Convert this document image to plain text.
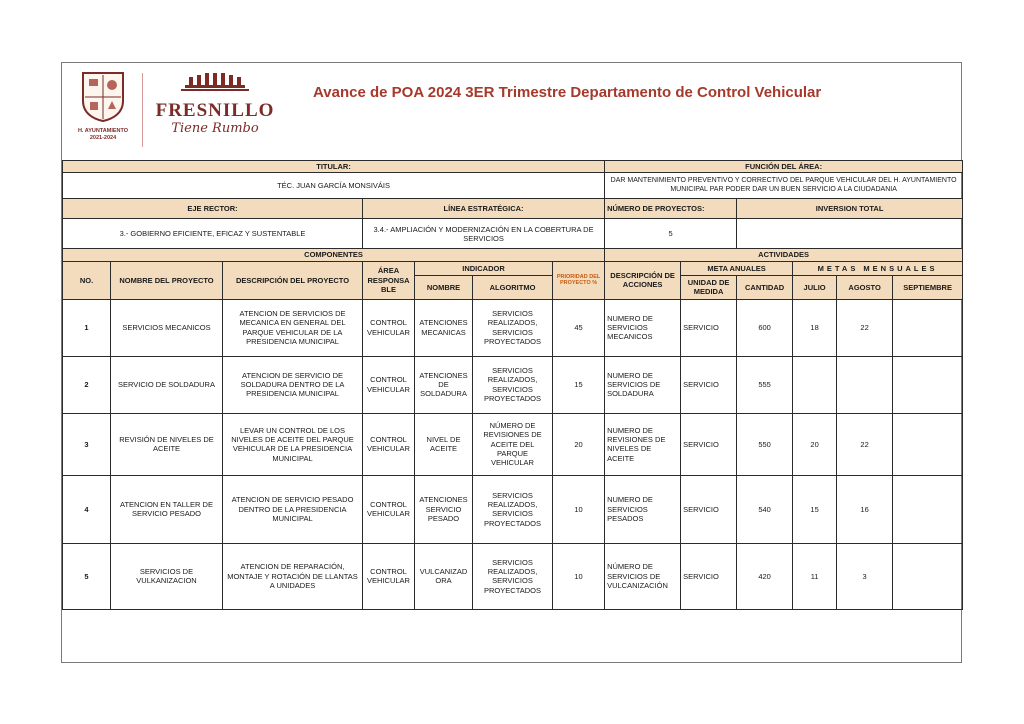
H. AYUNTAMIENTO
2021-2024
FRESNILLO
Tiene Rumbo
Avance de POA 2024 3ER Trimestre Departamento de Control Vehicular
TITULAR:							FUNCIÓN DEL ÁREA:					
TÉC. JUAN GARCÍA MONSIVÁIS							DAR MANTENIMIENTO PREVENTIVO Y CORRECTIVO DEL PARQUE VEHICULAR DEL H. AYUNTAMIENTO MUNICIPAL PAR PODER DAR UN BUEN SERVICIO A LA CIUDADANIA					
EJE RECTOR:			LÍNEA ESTRATÉGICA:				NÚMERO DE PROYECTOS:		INVERSION TOTAL			
3.- GOBIERNO EFICIENTE, EFICAZ Y SUSTENTABLE			3.4.- AMPLIACIÓN Y MODERNIZACIÓN EN LA COBERTURA DE SERVICIOS				5					
COMPONENTES							ACTIVIDADES					
NO.	NOMBRE DEL PROYECTO	DESCRIPCIÓN DEL PROYECTO	ÁREA RESPONSABLE	INDICADOR		PRIORIDAD DEL PROYECTO %	DESCRIPCIÓN DE ACCIONES	META ANUALES		METAS MENSUALES		
				NOMBRE	ALGORITMO			UNIDAD DE MEDIDA	CANTIDAD	JULIO	AGOSTO	SEPTIEMBRE
1	SERVICIOS MECANICOS	ATENCION DE SERVICIOS DE MECANICA EN GENERAL DEL PARQUE VEHICULAR DE LA PRESIDENCIA MUNICIPAL	CONTROL VEHICULAR	ATENCIONES MECANICAS	SERVICIOS REALIZADOS, SERVICIOS PROYECTADOS	45	NUMERO DE SERVICIOS MECANICOS	SERVICIO	600	18	22	
2	SERVICIO DE SOLDADURA	ATENCION DE SERVICIO DE SOLDADURA DENTRO DE LA PRESIDENCIA MUNICIPAL	CONTROL VEHICULAR	ATENCIONES DE SOLDADURA	SERVICIOS REALIZADOS, SERVICIOS PROYECTADOS	15	NUMERO DE SERVICIOS DE SOLDADURA	SERVICIO	555			
3	REVISIÓN DE NIVELES DE ACEITE	LEVAR UN CONTROL DE LOS NIVELES DE ACEITE DEL PARQUE VEHICULAR DE LA PRESIDENCIA MUNICIPAL	CONTROL VEHICULAR	NIVEL DE ACEITE	NÚMERO DE REVISIONES DE ACEITE DEL PARQUE VEHICULAR	20	NUMERO DE REVISIONES DE NIVELES DE ACEITE	SERVICIO	550	20	22	
4	ATENCION EN TALLER DE SERVICIO PESADO	ATENCION DE SERVICIO PESADO DENTRO DE LA PRESIDENCIA MUNICIPAL	CONTROL VEHICULAR	ATENCIONES SERVICIO PESADO	SERVICIOS REALIZADOS, SERVICIOS PROYECTADOS	10	NUMERO DE SERVICIOS PESADOS	SERVICIO	540	15	16	
5	SERVICIOS DE VULKANIZACION	ATENCION DE REPARACIÓN, MONTAJE Y ROTACIÓN DE LLANTAS A UNIDADES	CONTROL VEHICULAR	VULCANIZADORA	SERVICIOS REALIZADOS, SERVICIOS PROYECTADOS	10	NÚMERO DE SERVICIOS DE VULCANIZACIÓN	SERVICIO	420	11	3	
